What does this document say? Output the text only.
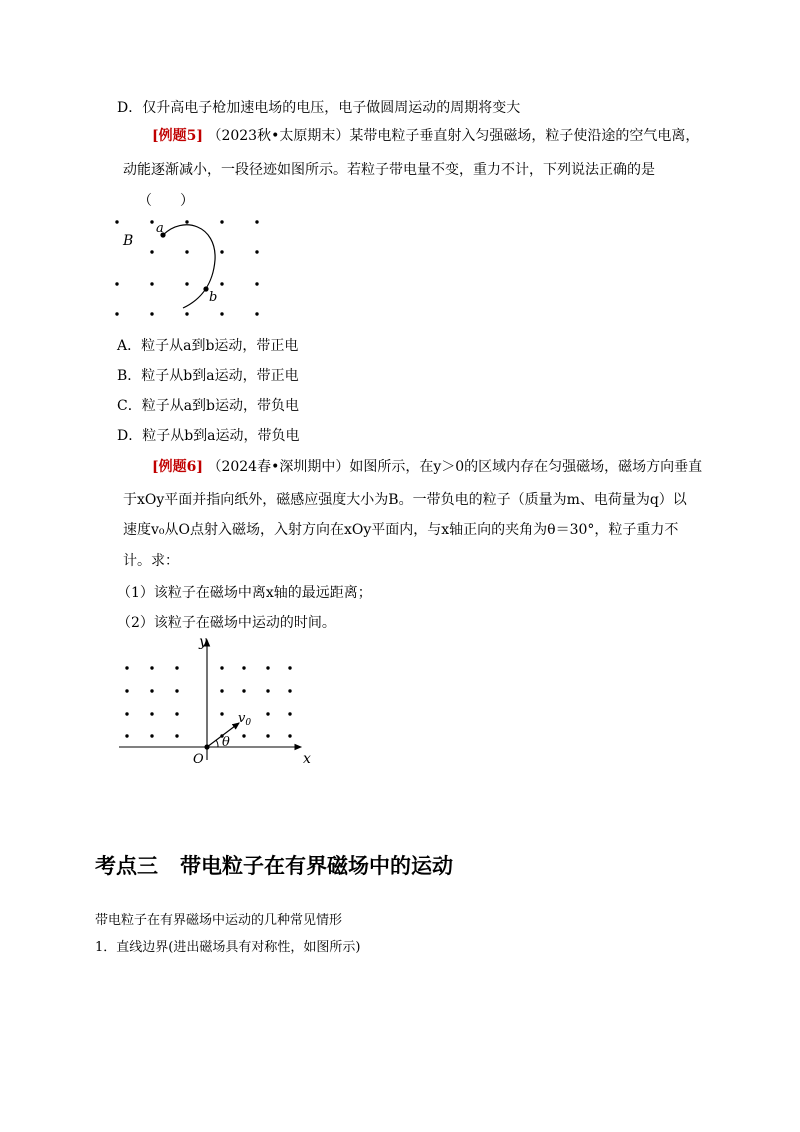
D．仅升高电子枪加速电场的电压，电子做圆周运动的周期将变大
[例题5] （2023秋•太原期末）某带电粒子垂直射入匀强磁场，粒子使沿途的空气电离，
动能逐渐减小，一段径迹如图所示。若粒子带电量不变，重力不计，下列说法正确的是
（　　）
B
a
b
A．粒子从a到b运动，带正电
B．粒子从b到a运动，带正电
C．粒子从a到b运动，带负电
D．粒子从b到a运动，带负电
[例题6] （2024春•深圳期中）如图所示，在y＞0的区域内存在匀强磁场，磁场方向垂直
于xOy平面并指向纸外，磁感应强度大小为B。一带负电的粒子（质量为m、电荷量为q）以
速度v₀从O点射入磁场，入射方向在xOy平面内，与x轴正向的夹角为θ＝30°，粒子重力不
计。求：
（1）该粒子在磁场中离x轴的最远距离；
（2）该粒子在磁场中运动的时间。
y
x
O
$v_0$
θ
考点三 带电粒子在有界磁场中的运动
带电粒子在有界磁场中运动的几种常见情形
1．直线边界(进出磁场具有对称性，如图所示)
